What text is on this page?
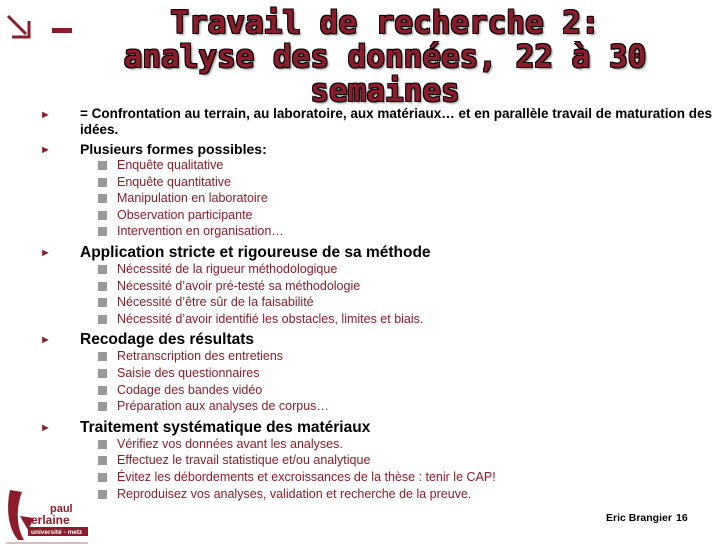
Travail de recherche 2:
analyse des données, 22 à 30
semaines
► = Confrontation au terrain, au laboratoire, aux matériaux… et en parallèle travail de maturation des idées.
► Plusieurs formes possibles:
Enquête qualitative
Enquête quantitative
Manipulation en laboratoire
Observation participante
Intervention en organisation…
► Application stricte et rigoureuse de sa méthode
Nécessité de la rigueur méthodologique
Nécessité d’avoir pré-testé sa méthodologie
Nécessité d’être sûr de la faisabilité
Nécessité d’avoir identifié les obstacles, limites et biais.
► Recodage des résultats
Retranscription des entretiens
Saisie des questionnaires
Codage des bandes vidéo
Préparation aux analyses de corpus…
► Traitement systématique des matériaux
Vérifiez vos données avant les analyses.
Effectuez le travail statistique et/ou analytique
Évitez les débordements et excroissances de la thèse : tenir le CAP!
Reproduisez vos analyses, validation et recherche de la preuve.
paul
erlaine
université - metz
Eric Brangier 16
